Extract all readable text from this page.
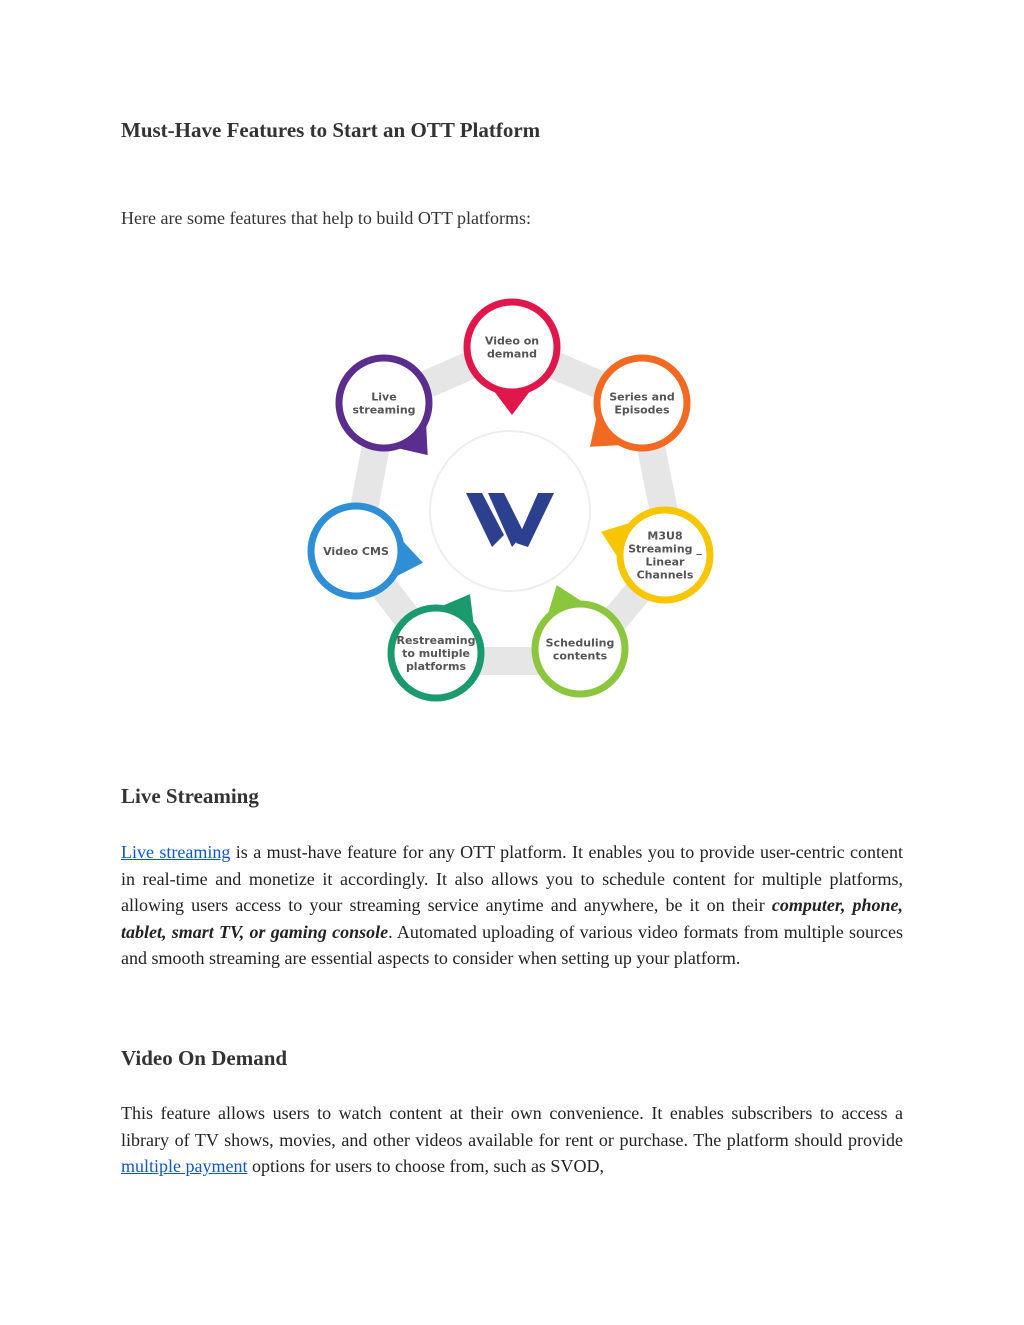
Must-Have Features to Start an OTT Platform

Here are some features that help to build OTT platforms:

Video on
demand
Series and
Episodes
M3U8
Streaming _
Linear
Channels
Scheduling
contents
Restreaming
to multiple
platforms
Video CMS
Live
streaming
Live Streaming

Live streaming is a must-have feature for any OTT platform. It enables you to provide user-centric content in real-time and monetize it accordingly. It also allows you to schedule content for multiple platforms, allowing users access to your streaming service anytime and anywhere, be it on their computer, phone, tablet, smart TV, or gaming console. Automated uploading of various video formats from multiple sources and smooth streaming are essential aspects to consider when setting up your platform.

Video On Demand

This feature allows users to watch content at their own convenience. It enables subscribers to access a library of TV shows, movies, and other videos available for rent or purchase. The platform should provide multiple payment options for users to choose from, such as SVOD,
